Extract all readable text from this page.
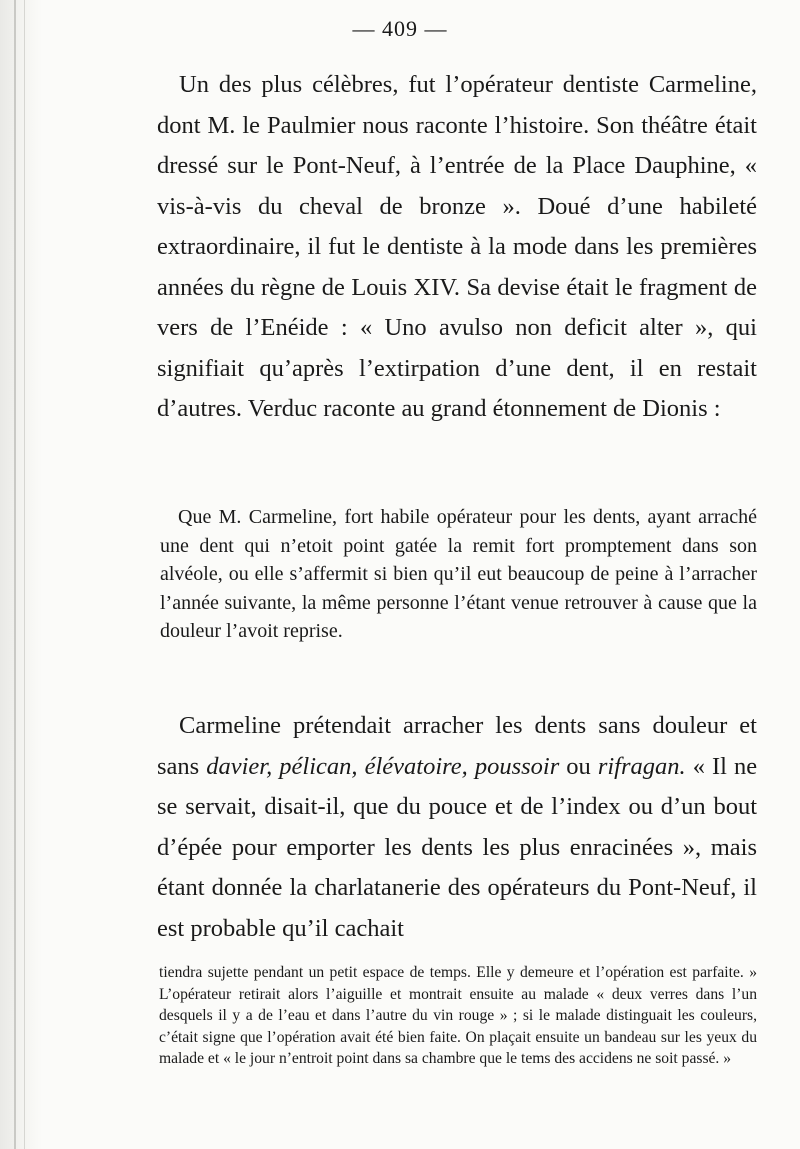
— 409 —

Un des plus célèbres, fut l’opérateur dentiste Carmeline, dont M. le Paulmier nous raconte l’histoire. Son théâtre était dressé sur le Pont-Neuf, à l’entrée de la Place Dauphine, « vis-à-vis du cheval de bronze ». Doué d’une habileté extraordinaire, il fut le dentiste à la mode dans les premières années du règne de Louis XIV. Sa devise était le fragment de vers de l’Enéide : « Uno avulso non deficit alter », qui signifiait qu’après l’extirpation d’une dent, il en restait d’autres. Verduc raconte au grand étonnement de Dionis :

Que M. Carmeline, fort habile opérateur pour les dents, ayant arraché une dent qui n’etoit point gatée la remit fort promptement dans son alvéole, ou elle s’affermit si bien qu’il eut beaucoup de peine à l’arracher l’année suivante, la même personne l’étant venue retrouver à cause que la douleur l’avoit reprise.

Carmeline prétendait arracher les dents sans douleur et sans davier, pélican, élévatoire, poussoir ou rifragan. « Il ne se servait, disait-il, que du pouce et de l’index ou d’un bout d’épée pour emporter les dents les plus enracinées », mais étant donnée la charlatanerie des opérateurs du Pont-Neuf, il est probable qu’il cachait

tiendra sujette pendant un petit espace de temps. Elle y demeure et l’opération est parfaite. » L’opérateur retirait alors l’aiguille et montrait ensuite au malade « deux verres dans l’un desquels il y a de l’eau et dans l’autre du vin rouge » ; si le malade distinguait les couleurs, c’était signe que l’opération avait été bien faite. On plaçait ensuite un bandeau sur les yeux du malade et « le jour n’entroit point dans sa chambre que le tems des accidens ne soit passé. »
